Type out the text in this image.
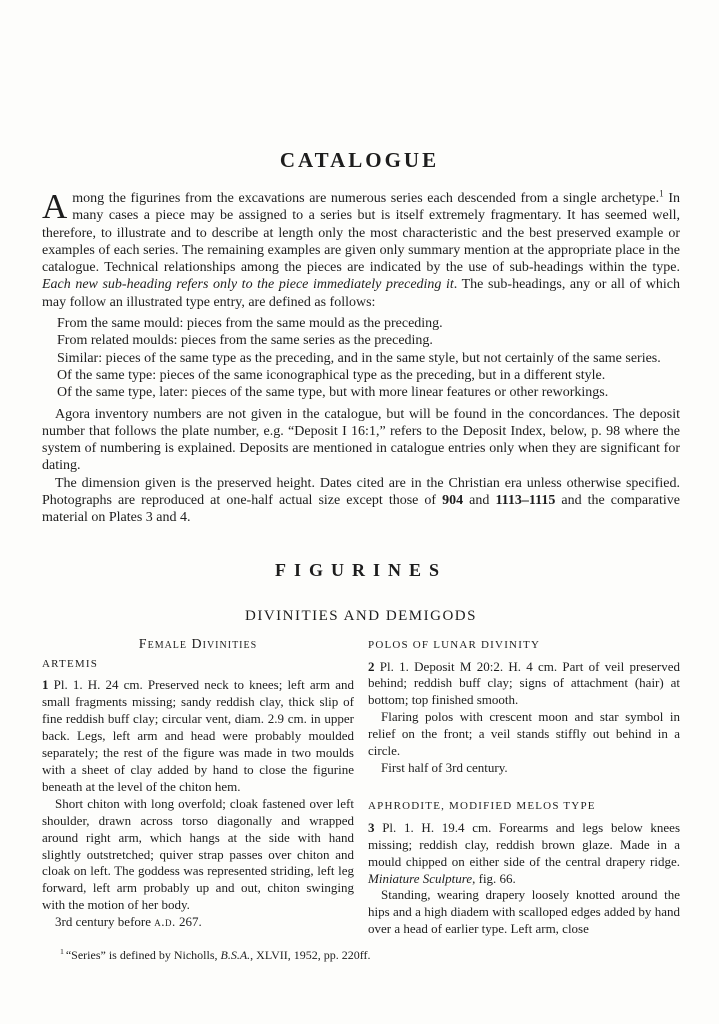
CATALOGUE

Among the figurines from the excavations are numerous series each descended from a single archetype.$^1$ In many cases a piece may be assigned to a series but is itself extremely fragmentary. It has seemed well, therefore, to illustrate and to describe at length only the most characteristic and the best preserved example or examples of each series. The remaining examples are given only summary mention at the appropriate place in the catalogue. Technical relationships among the pieces are indicated by the use of sub-headings within the type. Each new sub-heading refers only to the piece immediately preceding it. The sub-headings, any or all of which may follow an illustrated type entry, are defined as follows:

From the same mould: pieces from the same mould as the preceding.
From related moulds: pieces from the same series as the preceding.
Similar: pieces of the same type as the preceding, and in the same style, but not certainly of the same series.
Of the same type: pieces of the same iconographical type as the preceding, but in a different style.
Of the same type, later: pieces of the same type, but with more linear features or other reworkings.

Agora inventory numbers are not given in the catalogue, but will be found in the concordances. The deposit number that follows the plate number, e.g. “Deposit I 16:1,” refers to the Deposit Index, below, p. 98 where the system of numbering is explained. Deposits are mentioned in catalogue entries only when they are significant for dating.

The dimension given is the preserved height. Dates cited are in the Christian era unless otherwise specified. Photographs are reproduced at one-half actual size except those of 904 and 1113–1115 and the comparative material on Plates 3 and 4.

FIGURINES
DIVINITIES AND DEMIGODS
Female Divinities
ARTEMIS

1 Pl. 1. H. 24 cm. Preserved neck to knees; left arm and small fragments missing; sandy reddish clay, thick slip of fine reddish buff clay; circular vent, diam. 2.9 cm. in upper back. Legs, left arm and head were probably moulded separately; the rest of the figure was made in two moulds with a sheet of clay added by hand to close the figurine beneath at the level of the chiton hem.

Short chiton with long overfold; cloak fastened over left shoulder, drawn across torso diagonally and wrapped around right arm, which hangs at the side with hand slightly outstretched; quiver strap passes over chiton and cloak on left. The goddess was represented striding, left leg forward, left arm probably up and out, chiton swinging with the motion of her body.

3rd century before a.d. 267.

POLOS OF LUNAR DIVINITY

2 Pl. 1. Deposit M 20:2. H. 4 cm. Part of veil preserved behind; reddish buff clay; signs of attachment (hair) at bottom; top finished smooth.

Flaring polos with crescent moon and star symbol in relief on the front; a veil stands stiffly out behind in a circle.

First half of 3rd century.

APHRODITE, MODIFIED MELOS TYPE

3 Pl. 1. H. 19.4 cm. Forearms and legs below knees missing; reddish clay, reddish brown glaze. Made in a mould chipped on either side of the central drapery ridge. Miniature Sculpture, fig. 66.

Standing, wearing drapery loosely knotted around the hips and a high diadem with scalloped edges added by hand over a head of earlier type. Left arm, close

$^1$ “Series” is defined by Nicholls, B.S.A., XLVII, 1952, pp. 220ff.
